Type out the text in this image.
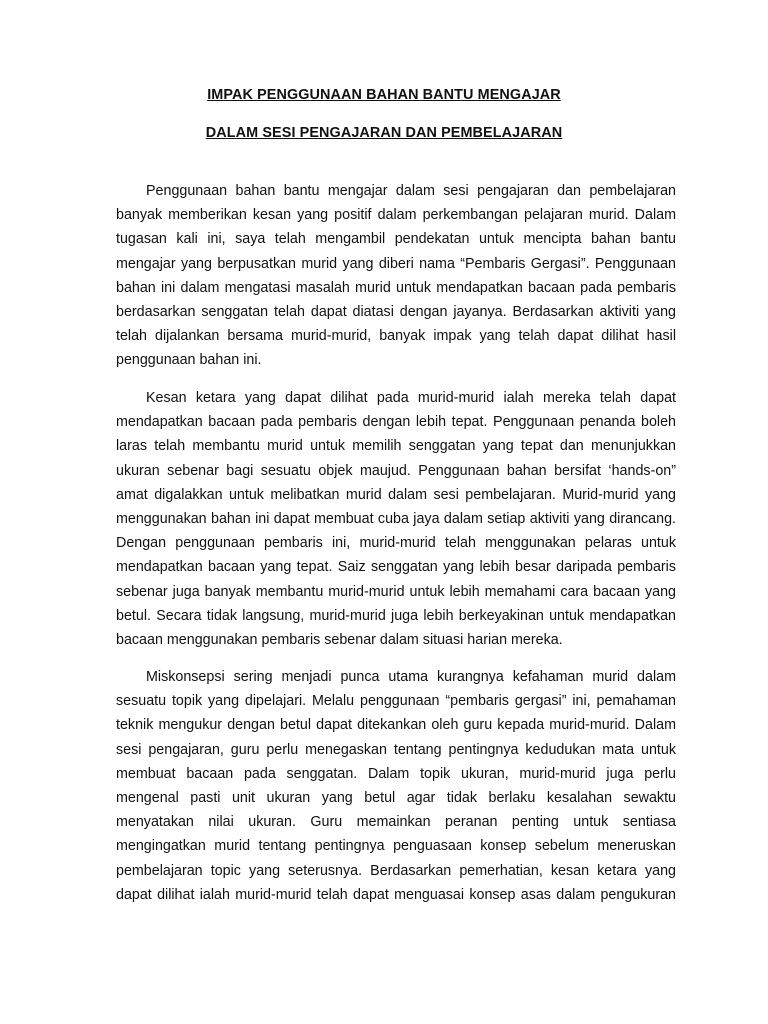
IMPAK PENGGUNAAN BAHAN BANTU MENGAJAR
DALAM SESI PENGAJARAN DAN PEMBELAJARAN
Penggunaan bahan bantu mengajar dalam sesi pengajaran dan pembelajaran
banyak memberikan kesan yang positif dalam perkembangan pelajaran murid. Dalam
tugasan kali ini, saya telah mengambil pendekatan untuk mencipta bahan bantu
mengajar yang berpusatkan murid yang diberi nama “Pembaris Gergasi”. Penggunaan
bahan ini dalam mengatasi masalah murid untuk mendapatkan bacaan pada pembaris
berdasarkan senggatan telah dapat diatasi dengan jayanya. Berdasarkan aktiviti yang
telah dijalankan bersama murid-murid, banyak impak yang telah dapat dilihat hasil
penggunaan bahan ini.
Kesan ketara yang dapat dilihat pada murid-murid ialah mereka telah dapat
mendapatkan bacaan pada pembaris dengan lebih tepat. Penggunaan penanda boleh
laras telah membantu murid untuk memilih senggatan yang tepat dan menunjukkan
ukuran sebenar bagi sesuatu objek maujud. Penggunaan bahan bersifat ‘hands-on”
amat digalakkan untuk melibatkan murid dalam sesi pembelajaran. Murid-murid yang
menggunakan bahan ini dapat membuat cuba jaya dalam setiap aktiviti yang dirancang.
Dengan penggunaan pembaris ini, murid-murid telah menggunakan pelaras untuk
mendapatkan bacaan yang tepat. Saiz senggatan yang lebih besar daripada pembaris
sebenar juga banyak membantu murid-murid untuk lebih memahami cara bacaan yang
betul. Secara tidak langsung, murid-murid juga lebih berkeyakinan untuk mendapatkan
bacaan menggunakan pembaris sebenar dalam situasi harian mereka.
Miskonsepsi sering menjadi punca utama kurangnya kefahaman murid dalam
sesuatu topik yang dipelajari. Melalu penggunaan “pembaris gergasi” ini, pemahaman
teknik mengukur dengan betul dapat ditekankan oleh guru kepada murid-murid. Dalam
sesi pengajaran, guru perlu menegaskan tentang pentingnya kedudukan mata untuk
membuat bacaan pada senggatan. Dalam topik ukuran, murid-murid juga perlu
mengenal pasti unit ukuran yang betul agar tidak berlaku kesalahan sewaktu
menyatakan nilai ukuran. Guru memainkan peranan penting untuk sentiasa
mengingatkan murid tentang pentingnya penguasaan konsep sebelum meneruskan
pembelajaran topic yang seterusnya. Berdasarkan pemerhatian, kesan ketara yang
dapat dilihat ialah murid-murid telah dapat menguasai konsep asas dalam pengukuran
